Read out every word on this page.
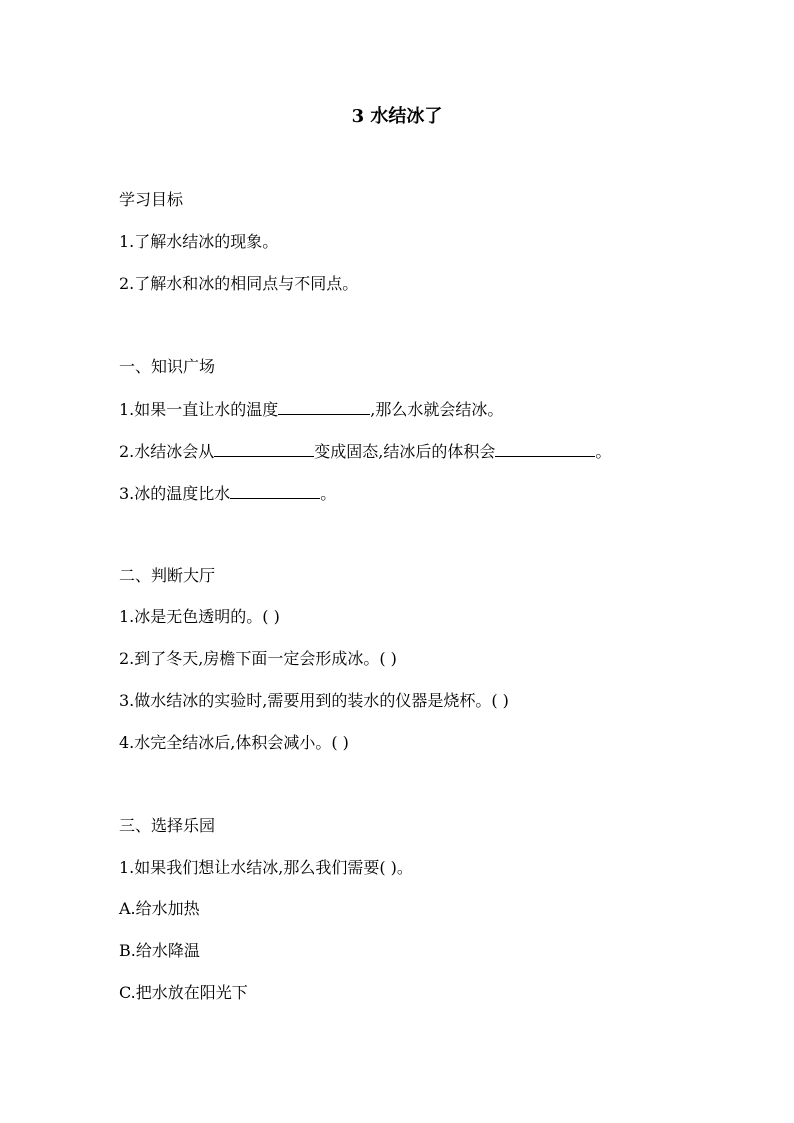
3 水结冰了
学习目标
1.了解水结冰的现象。
2.了解水和冰的相同点与不同点。
一、知识广场
1.如果一直让水的温度	,那么水就会结冰。
2.水结冰会从	变成固态,结冰后的体积会	。
3.冰的温度比水	。
二、判断大厅
1.冰是无色透明的。( )
2.到了冬天,房檐下面一定会形成冰。( )
3.做水结冰的实验时,需要用到的装水的仪器是烧杯。( )
4.水完全结冰后,体积会减小。( )
三、选择乐园
1.如果我们想让水结冰,那么我们需要( )。
A.给水加热
B.给水降温
C.把水放在阳光下
